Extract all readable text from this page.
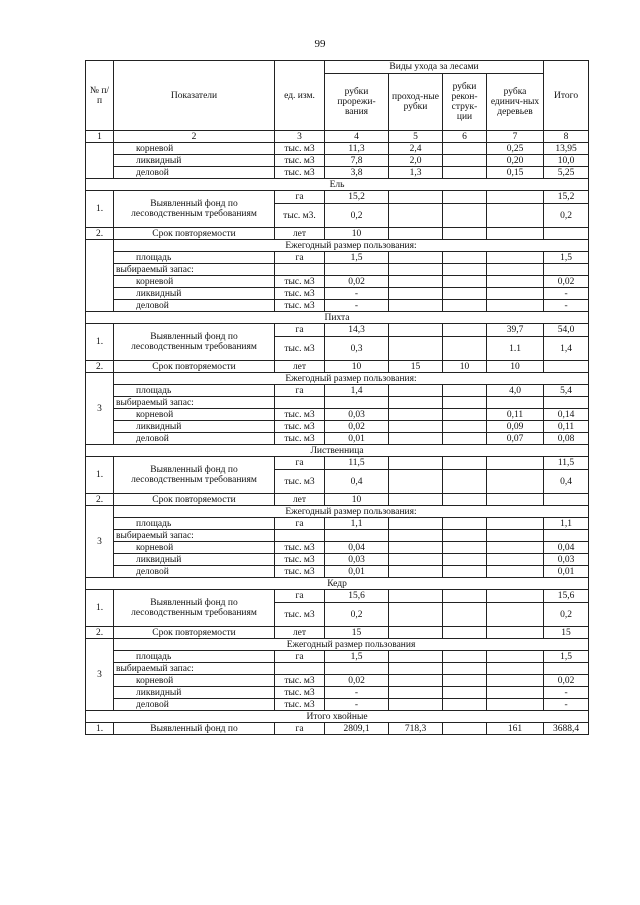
99
№ п/п	Показатели	ед. изм.	Виды ухода за лесами				Итого
			рубки прорежи-вания	проход-ные рубки	рубки рекон-струк-ции	рубка единич-ных деревьев	
1	2	3	4	5	6	7	8
	корневой	тыс. м3	11,3	2,4		0,25	13,95
	ликвидный	тыс. м3	7,8	2,0		0,20	10,0
	деловой	тыс. м3	3,8	1,3		0,15	5,25
Ель							
1.	Выявленный фонд по лесоводственным требованиям	га	15,2				15,2
		тыс. м3.	0,2				0,2
2.	Срок повторяемости	лет	10				
	Ежегодный размер пользования:						
	площадь	га	1,5				1,5
	выбираемый запас:						
	корневой	тыс. м3	0,02				0,02
	ликвидный	тыс. м3	-				-
	деловой	тыс. м3	-				-
Пихта							
1.	Выявленный фонд по лесоводственным требованиям	га	14,3			39,7	54,0
		тыс. м3	0,3			1.1	1,4
2.	Срок повторяемости	лет	10	15	10	10	
3	Ежегодный размер пользования:						
	площадь	га	1,4			4,0	5,4
	выбираемый запас:						
	корневой	тыс. м3	0,03			0,11	0,14
	ликвидный	тыс. м3	0,02			0,09	0,11
	деловой	тыс. м3	0,01			0,07	0,08
Лиственница							
1.	Выявленный фонд по лесоводственным требованиям	га	11,5				11,5
		тыс. м3	0,4				0,4
2.	Срок повторяемости	лет	10				
3	Ежегодный размер пользования:						
	площадь	га	1,1				1,1
	выбираемый запас:						
	корневой	тыс. м3	0,04				0,04
	ликвидный	тыс. м3	0,03				0,03
	деловой	тыс. м3	0,01				0,01
Кедр							
1.	Выявленный фонд по лесоводственным требованиям	га	15,6				15,6
		тыс. м3	0,2				0,2
2.	Срок повторяемости	лет	15				15
3	Ежегодный размер пользования						
	площадь	га	1,5				1,5
	выбираемый запас:						
	корневой	тыс. м3	0,02				0,02
	ликвидный	тыс. м3	-				-
	деловой	тыс. м3	-				-
Итого хвойные							
1.	Выявленный фонд по	га	2809,1	718,3		161	3688,4
